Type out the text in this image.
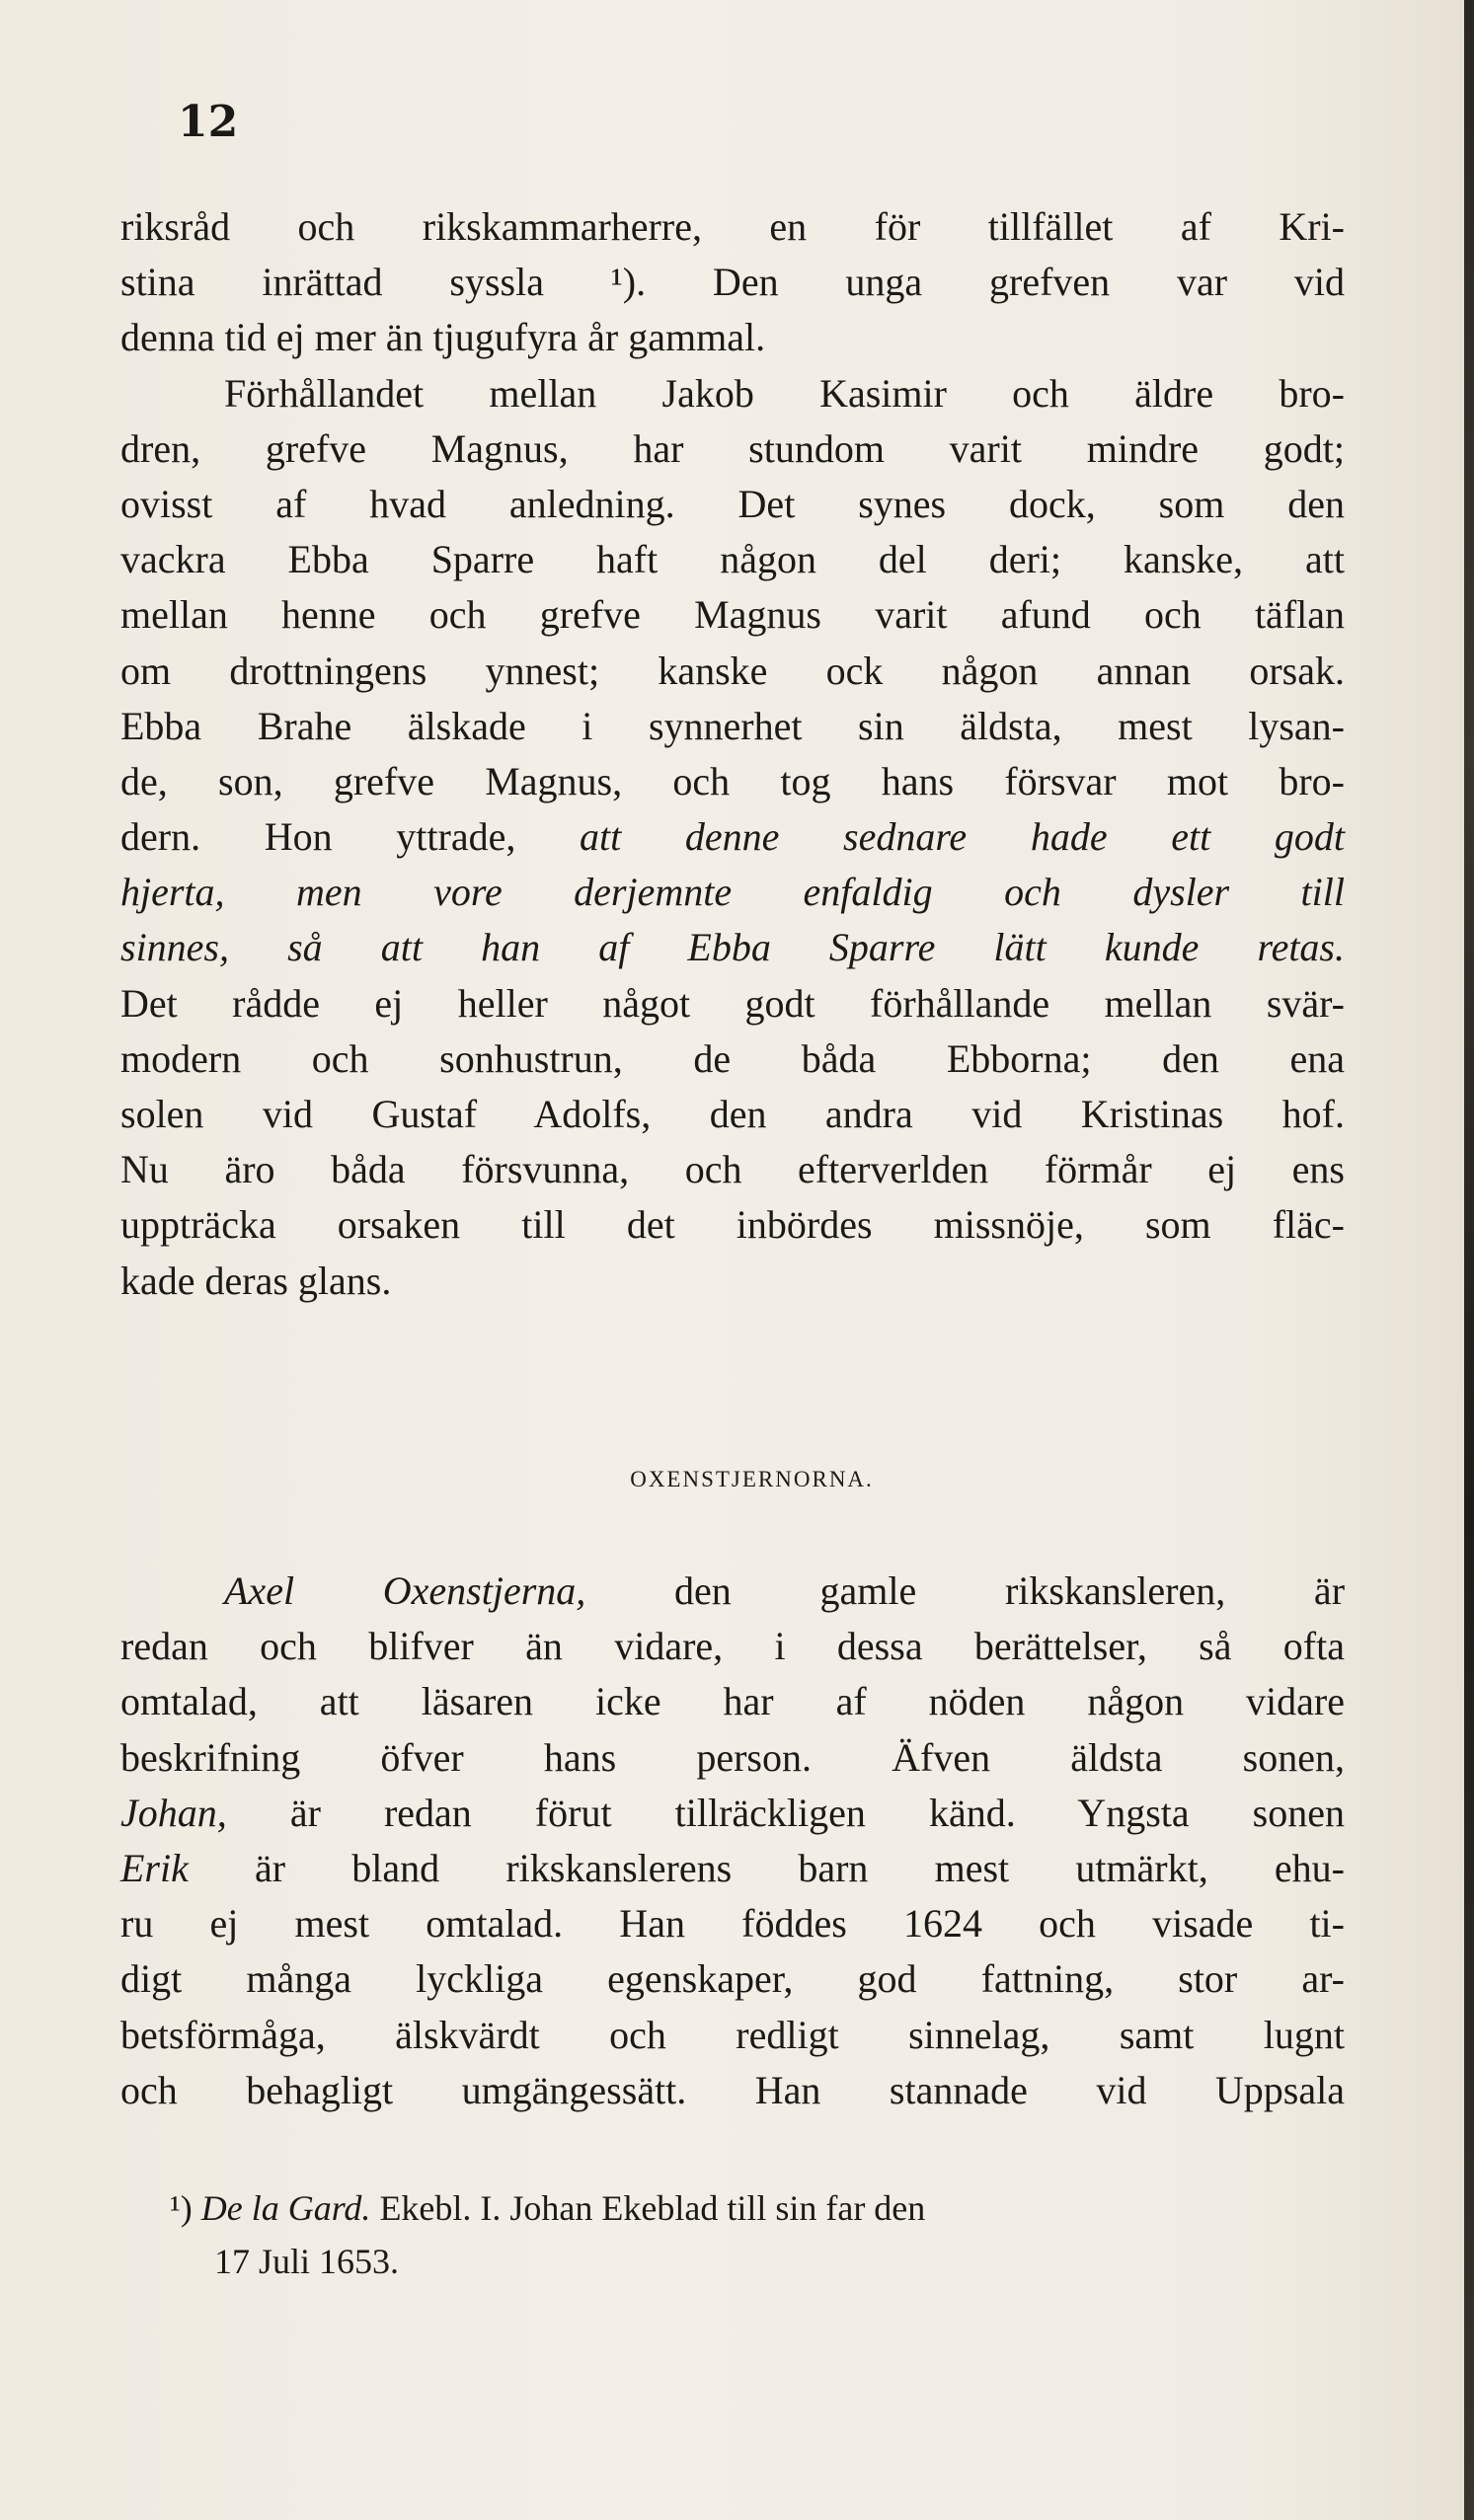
12
riksråd och rikskammarherre, en för tillfället af Kri-
stina inrättad syssla ¹). Den unga grefven var vid
denna tid ej mer än tjugufyra år gammal.
Förhållandet mellan Jakob Kasimir och äldre bro-
dren, grefve Magnus, har stundom varit mindre godt;
ovisst af hvad anledning. Det synes dock, som den
vackra Ebba Sparre haft någon del deri; kanske, att
mellan henne och grefve Magnus varit afund och täflan
om drottningens ynnest; kanske ock någon annan orsak.
Ebba Brahe älskade i synnerhet sin äldsta, mest lysan-
de, son, grefve Magnus, och tog hans försvar mot bro-
dern. Hon yttrade, att denne sednare hade ett godt
hjerta, men vore derjemnte enfaldig och dysler till
sinnes, så att han af Ebba Sparre lätt kunde retas.
Det rådde ej heller något godt förhållande mellan svär-
modern och sonhustrun, de båda Ebborna; den ena
solen vid Gustaf Adolfs, den andra vid Kristinas hof.
Nu äro båda försvunna, och efterverlden förmår ej ens
uppträcka orsaken till det inbördes missnöje, som fläc-
kade deras glans.
OXENSTJERNORNA.
Axel Oxenstjerna, den gamle rikskansleren, är
redan och blifver än vidare, i dessa berättelser, så ofta
omtalad, att läsaren icke har af nöden någon vidare
beskrifning öfver hans person. Äfven äldsta sonen,
Johan, är redan förut tillräckligen känd. Yngsta sonen
Erik är bland rikskanslerens barn mest utmärkt, ehu-
ru ej mest omtalad. Han föddes 1624 och visade ti-
digt många lyckliga egenskaper, god fattning, stor ar-
betsförmåga, älskvärdt och redligt sinnelag, samt lugnt
och behagligt umgängessätt. Han stannade vid Uppsala
¹) De la Gard. Ekebl. I. Johan Ekeblad till sin far den
17 Juli 1653.
